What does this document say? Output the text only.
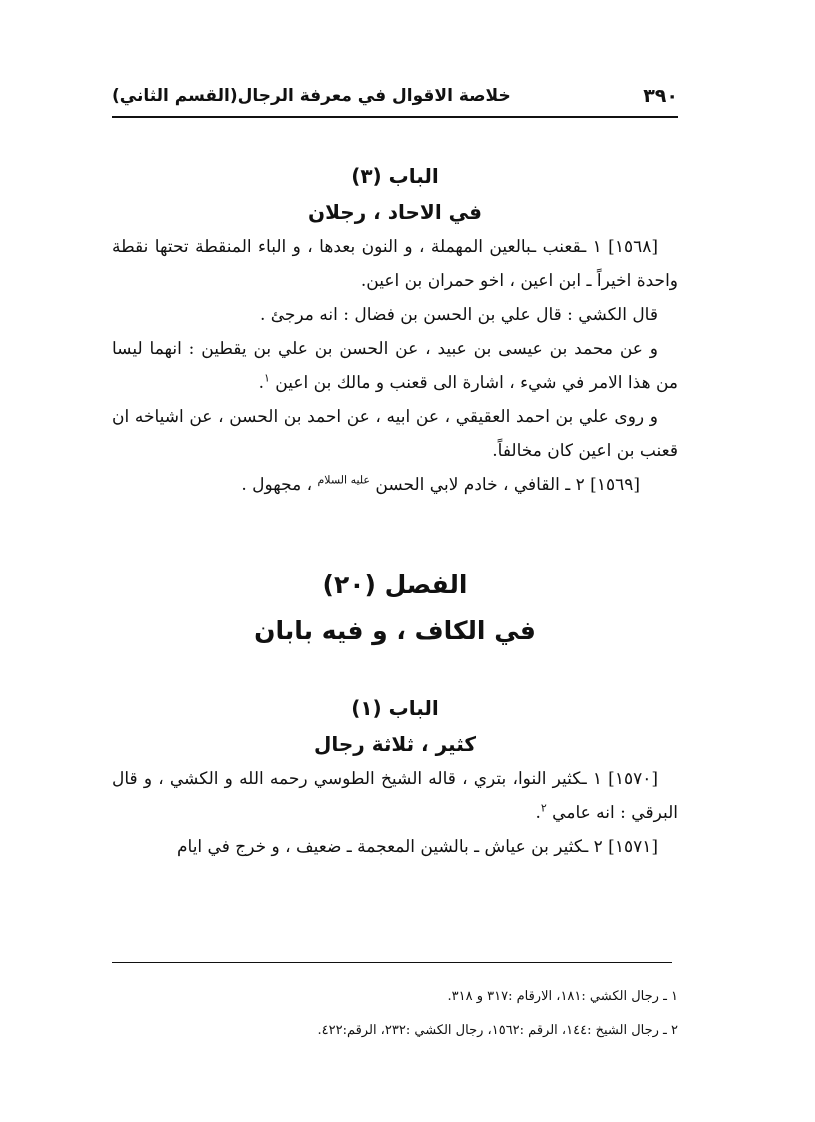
٣٩٠
خلاصة الاقوال في معرفة الرجال(القسم الثاني)

الباب (٣)

في الاحاد ، رجلان

[١٥٦٨] ١ ـقعنب ـبالعين المهملة ، و النون بعدها ، و الباء المنقطة تحتها نقطة واحدة اخيراً ـ ابن اعين ، اخو حمران بن اعين.

قال الكشي : قال علي بن الحسن بن فضال : انه مرجئ .

و عن محمد بن عيسى بن عبيد ، عن الحسن بن علي بن يقطين : انهما ليسا من هذا الامر في شيء ، اشارة الى قعنب و مالك بن اعين $^١$.

و روى علي بن احمد العقيقي ، عن ابيه ، عن احمد بن الحسن ، عن اشياخه ان قعنب بن اعين كان مخالفاً.

[١٥٦٩] ٢ ـ القافي ، خادم لابي الحسن $^{عليه السلام}$ ، مجهول .

الفصل (٢٠)

في الكاف ، و فيه بابان

الباب (١)

كثير ، ثلاثة رجال

[١٥٧٠] ١ ـكثير النوا، بتري ، قاله الشيخ الطوسي رحمه الله و الكشي ، و قال البرقي : انه عامي $^٢$.

[١٥٧١] ٢ ـكثير بن عياش ـ بالشين المعجمة ـ ضعيف ، و خرج في ايام

١ ـ رجال الكشي :١٨١، الارقام :٣١٧ و ٣١٨.

٢ ـ رجال الشيخ :١٤٤، الرقم :١٥٦٢، رجال الكشي :٢٣٢، الرقم:٤٢٢.
